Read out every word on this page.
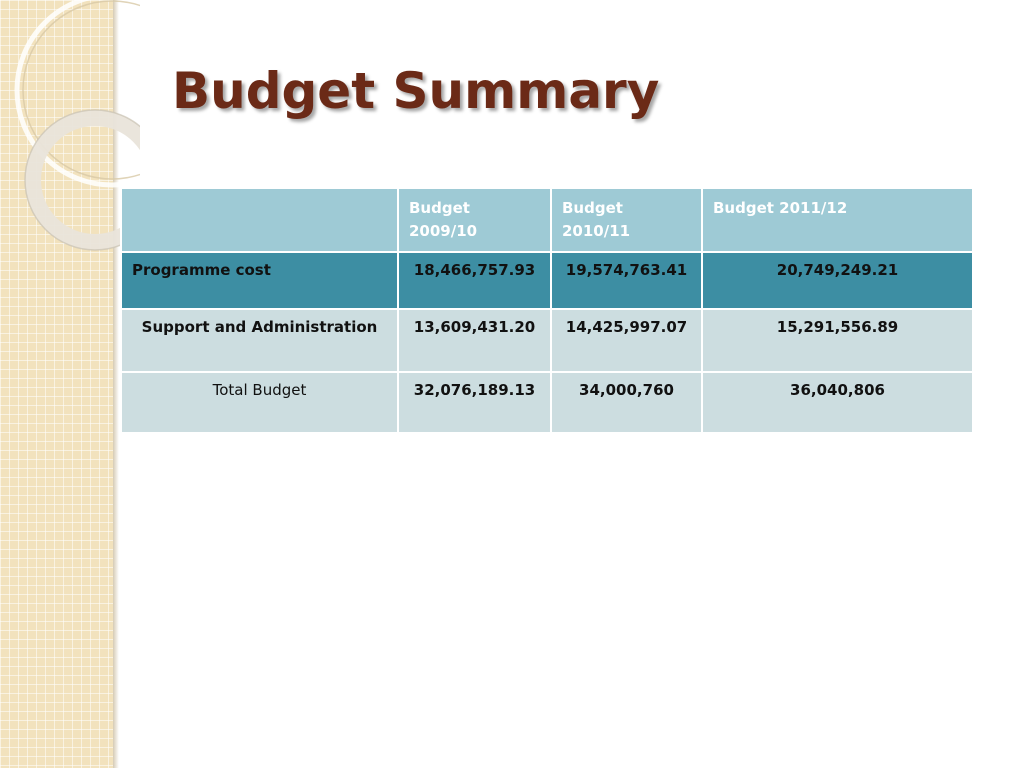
Budget Summary
	Budget 2009/10	Budget 2010/11	Budget 2011/12
Programme cost	18,466,757.93	19,574,763.41	20,749,249.21
Support and Administration	13,609,431.20	14,425,997.07	15,291,556.89
Total Budget	32,076,189.13	34,000,760	36,040,806
